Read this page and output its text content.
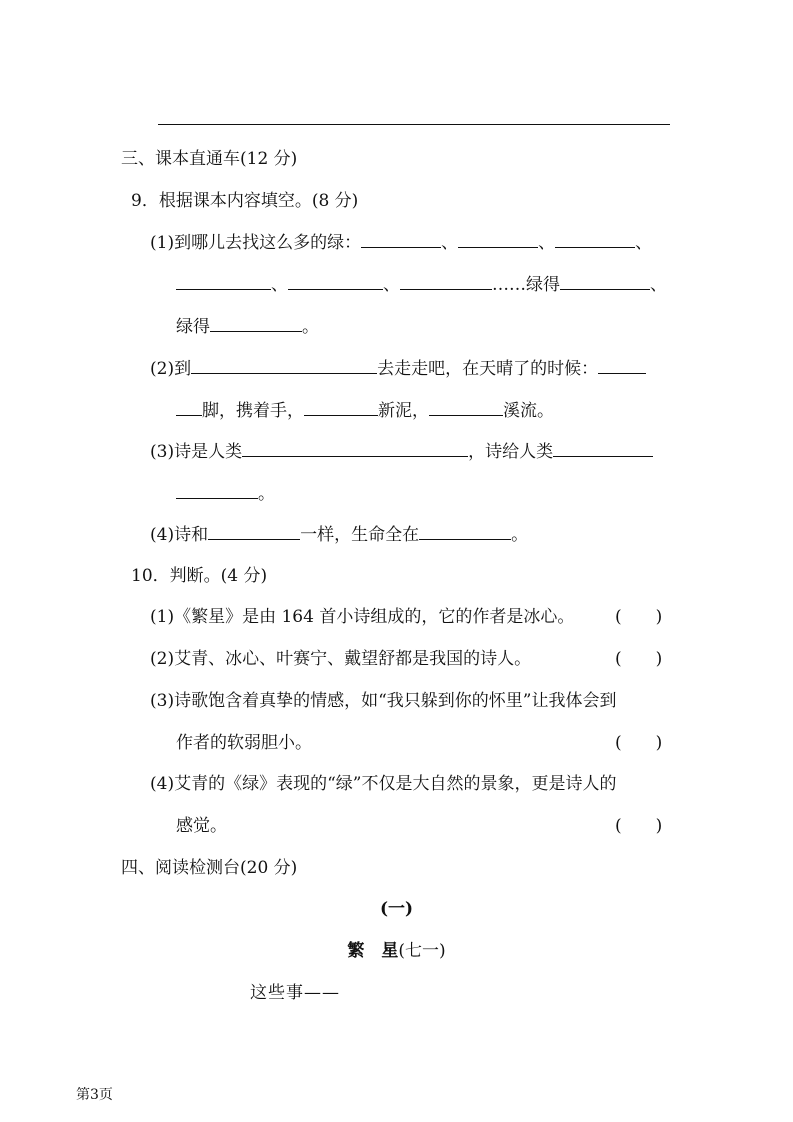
三、课本直通车(12 分)
9．根据课本内容填空。(8 分)
(1)到哪儿去找这么多的绿：	、	、	、
、	、	……绿得	、
绿得	。
(2)到	去走走吧，在天晴了的时候：
脚，携着手，	新泥，	溪流。
(3)诗是人类	，诗给人类
。
(4)诗和	一样，生命全在	。
10．判断。(4 分)
(1)《繁星》是由 164 首小诗组成的，它的作者是冰心。 (　　)
(2)艾青、冰心、叶赛宁、戴望舒都是我国的诗人。	(　　)
(3)诗歌饱含着真挚的情感，如“我只躲到你的怀里”让我体会到
作者的软弱胆小。	(　　)
(4)艾青的《绿》表现的“绿”不仅是大自然的景象，更是诗人的
感觉。	(　　)
四、阅读检测台(20 分)
(一)
繁　星(七一)
这些事——
第3页
